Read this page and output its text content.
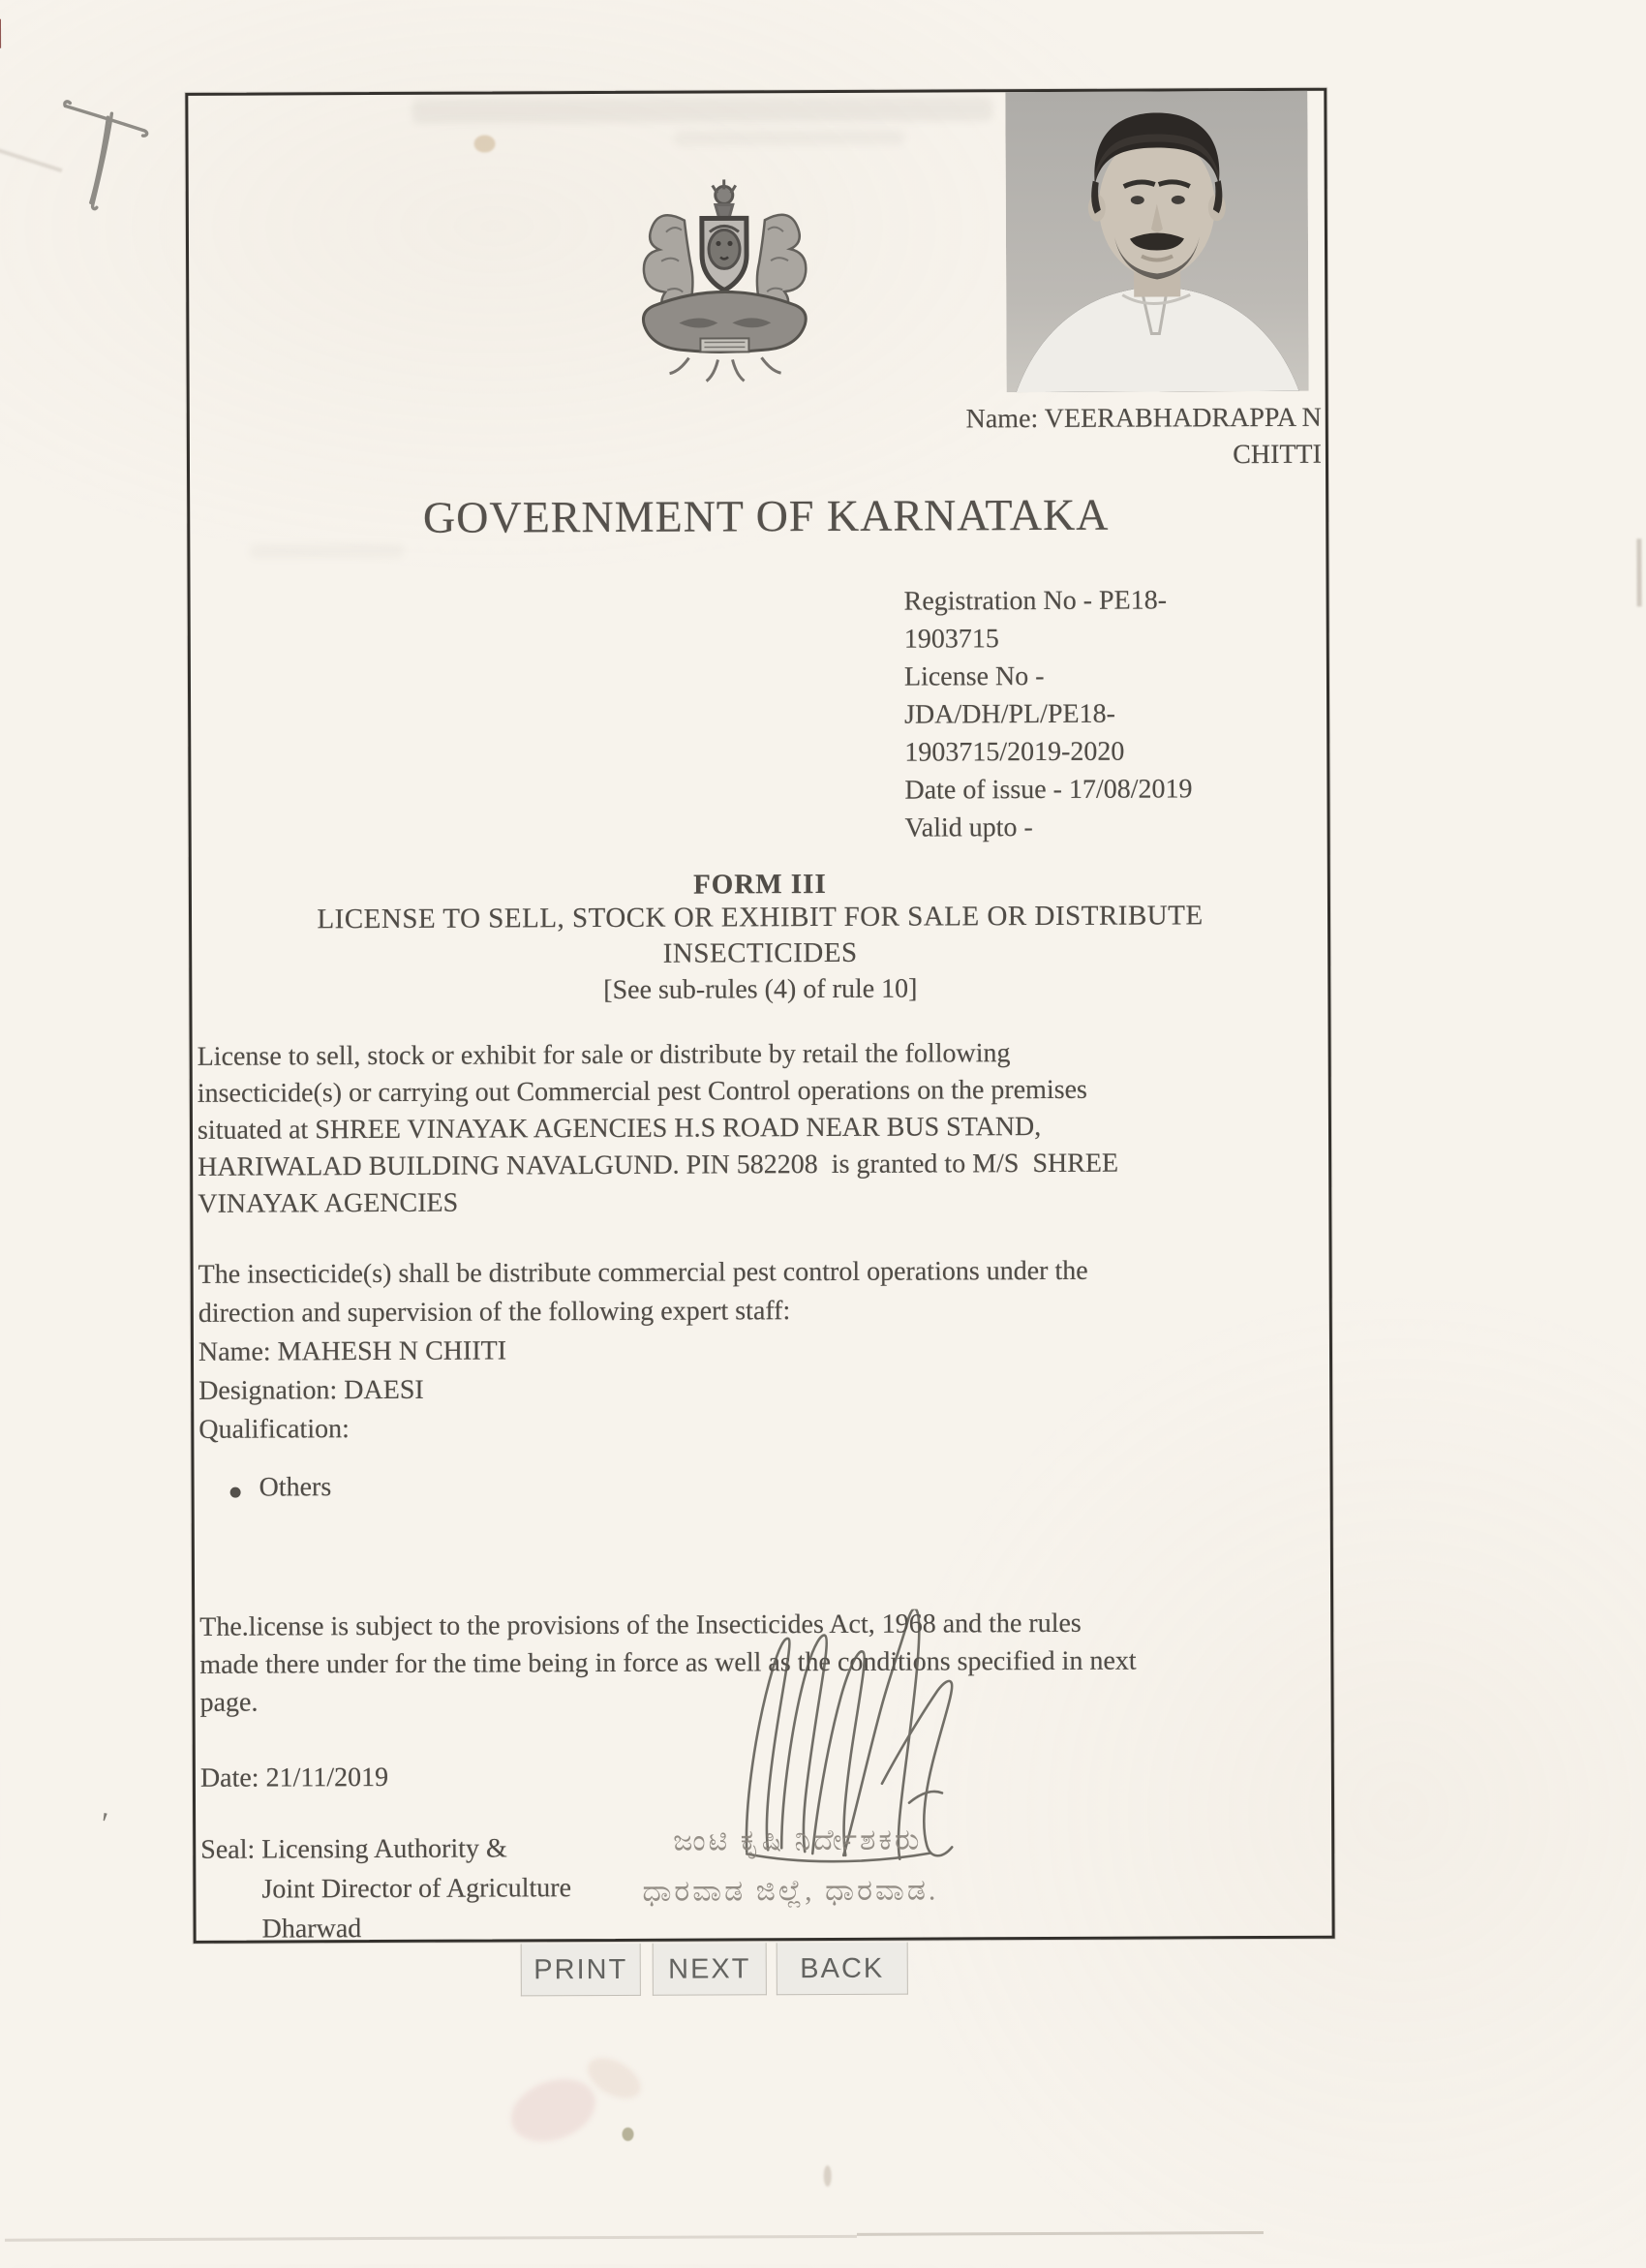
Name: VEERABHADRAPPA N
CHITTI
GOVERNMENT OF KARNATAKA
Registration No - PE18-
1903715
License No -
JDA/DH/PL/PE18-
1903715/2019-2020
Date of issue - 17/08/2019
Valid upto -
FORM III
LICENSE TO SELL, STOCK OR EXHIBIT FOR SALE OR DISTRIBUTE
INSECTICIDES
[See sub-rules (4) of rule 10]
License to sell, stock or exhibit for sale or distribute by retail the following
insecticide(s) or carrying out Commercial pest Control operations on the premises
situated at SHREE VINAYAK AGENCIES H.S ROAD NEAR BUS STAND,
HARIWALAD BUILDING NAVALGUND. PIN 582208  is granted to M/S  SHREE
VINAYAK AGENCIES
The insecticide(s) shall be distribute commercial pest control operations under the
direction and supervision of the following expert staff:
Name: MAHESH N CHIITI
Designation: DAESI
Qualification:
Others
The.license is subject to the provisions of the Insecticides Act, 1968 and the rules
made there under for the time being in force as well as the conditions specified in next
page.
Date: 21/11/2019
Seal: Licensing Authority &
Joint Director of Agriculture
Dharwad
ಜಂಟಿ ಕೃಷಿ ನಿರ್ದೇಶಕರು
ಧಾರವಾಡ ಜಿಲ್ಲೆ, ಧಾರವಾಡ.
PRINT	NEXT	BACK
'
